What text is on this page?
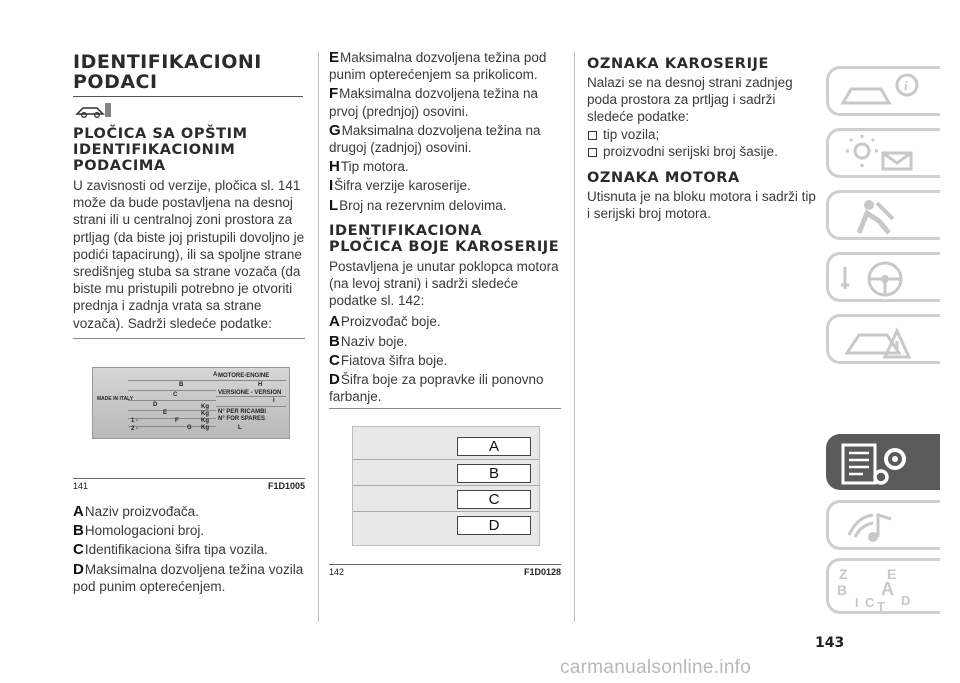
IDENTIFIKACIONI PODACI
PLOČICA SA OPŠTIM IDENTIFIKACIONIM PODACIMA

U zavisnosti od verzije, pločica sl. 141 može da bude postavljena na desnoj strani ili u centralnoj zoni prostora za prtljag (da biste joj pristupili dovoljno je podići tapacirung), ili sa spoljne strane središnjeg stuba sa strane vozača (da biste mu pristupili potrebno je otvoriti prednja i zadnja vrata sa strane vozača). Sadrži sledeće podatke:

MADE IN ITALY
A
B
C
D
E
F
G
1 -
2 -
Kg
Kg
Kg
Kg
MOTORE-ENGINE
H
VERSIONE - VERSION
I
N° PER RICAMBI
N° FOR SPARES
L
141	F1D1005

ANaziv proizvođača.

BHomologacioni broj.

CIdentifikaciona šifra tipa vozila.

DMaksimalna dozvoljena težina vozila pod punim opterećenjem.

EMaksimalna dozvoljena težina pod punim opterećenjem sa prikolicom.

FMaksimalna dozvoljena težina na prvoj (prednjoj) osovini.

GMaksimalna dozvoljena težina na drugoj (zadnjoj) osovini.

HTip motora.

IŠifra verzije karoserije.

LBroj na rezervnim delovima.

IDENTIFIKACIONA PLOČICA BOJE KAROSERIJE

Postavljena je unutar poklopca motora (na levoj strani) i sadrži sledeće podatke sl. 142:

AProizvođač boje.

BNaziv boje.

CFiatova šifra boje.

DŠifra boje za popravke ili ponovno farbanje.

A
B
C
D
142	F1D0128
OZNAKA KAROSERIJE

Nalazi se na desnoj strani zadnjeg poda prostora za prtljag i sadrži sledeće podatke:

tip vozila;
proizvodni serijski broj šasije.
OZNAKA MOTORA

Utisnuta je na bloku motora i sadrži tip i serijski broj motora.

i
Z	E
B A
D
I C T
143
carmanualsonline.info
